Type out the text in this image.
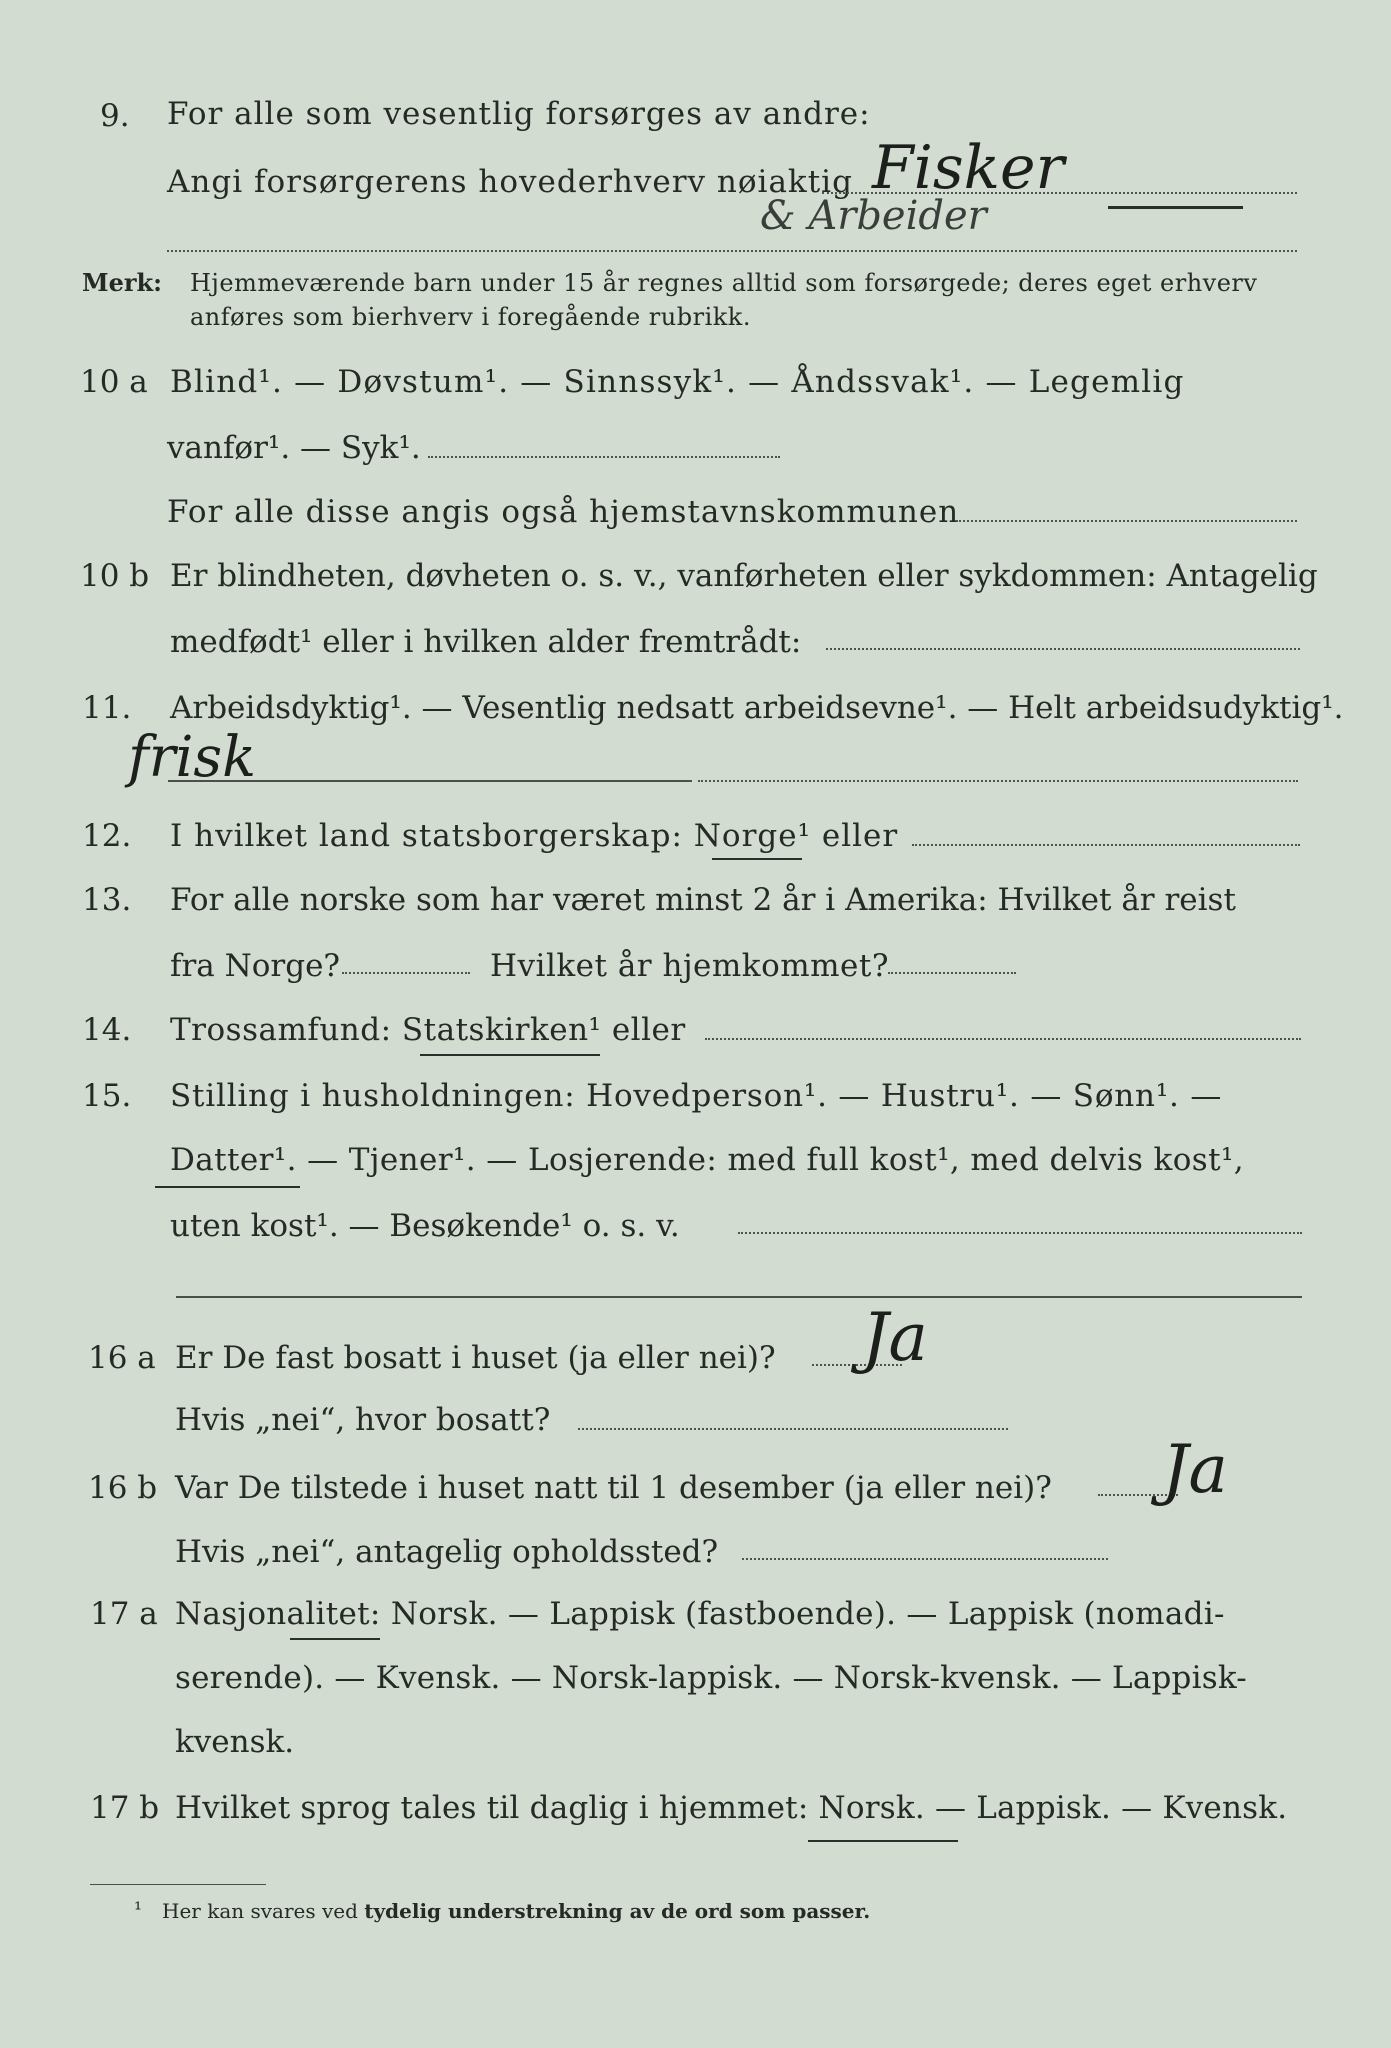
9. For alle som vesentlig forsørges av andre:
Angi forsørgerens hovederhverv nøiaktig Fisker
& Arbeider
Merk: Hjemmeværende barn under 15 år regnes alltid som forsørgede; deres eget erhverv
anføres som bierhverv i foregående rubrikk.
10 a Blind¹. — Døvstum¹. — Sinnssyk¹. — Åndssvak¹. — Legemlig
vanfør¹. — Syk¹.
For alle disse angis også hjemstavnskommunen
10 b Er blindheten, døvheten o. s. v., vanførheten eller sykdommen: Antagelig
medfødt¹ eller i hvilken alder fremtrådt:
11. Arbeidsdyktig¹. — Vesentlig nedsatt arbeidsevne¹. — Helt arbeidsudyktig¹.
frisk
12. I hvilket land statsborgerskap: Norge¹ eller
13. For alle norske som har været minst 2 år i Amerika: Hvilket år reist
fra Norge?	Hvilket år hjemkommet?
14. Trossamfund: Statskirken¹ eller
15. Stilling i husholdningen: Hovedperson¹. — Hustru¹. — Sønn¹. —
Datter¹. — Tjener¹. — Losjerende: med full kost¹, med delvis kost¹,
uten kost¹. — Besøkende¹ o. s. v.
16 a Er De fast bosatt i huset (ja eller nei)? Ja
Hvis „nei“, hvor bosatt?
16 b Var De tilstede i huset natt til 1 desember (ja eller nei)? Ja
Hvis „nei“, antagelig opholdssted?
17 a Nasjonalitet: Norsk. — Lappisk (fastboende). — Lappisk (nomadi-
serende). — Kvensk. — Norsk-lappisk. — Norsk-kvensk. — Lappisk-
kvensk.
17 b Hvilket sprog tales til daglig i hjemmet: Norsk. — Lappisk. — Kvensk.
¹ Her kan svares ved tydelig understrekning av de ord som passer.
